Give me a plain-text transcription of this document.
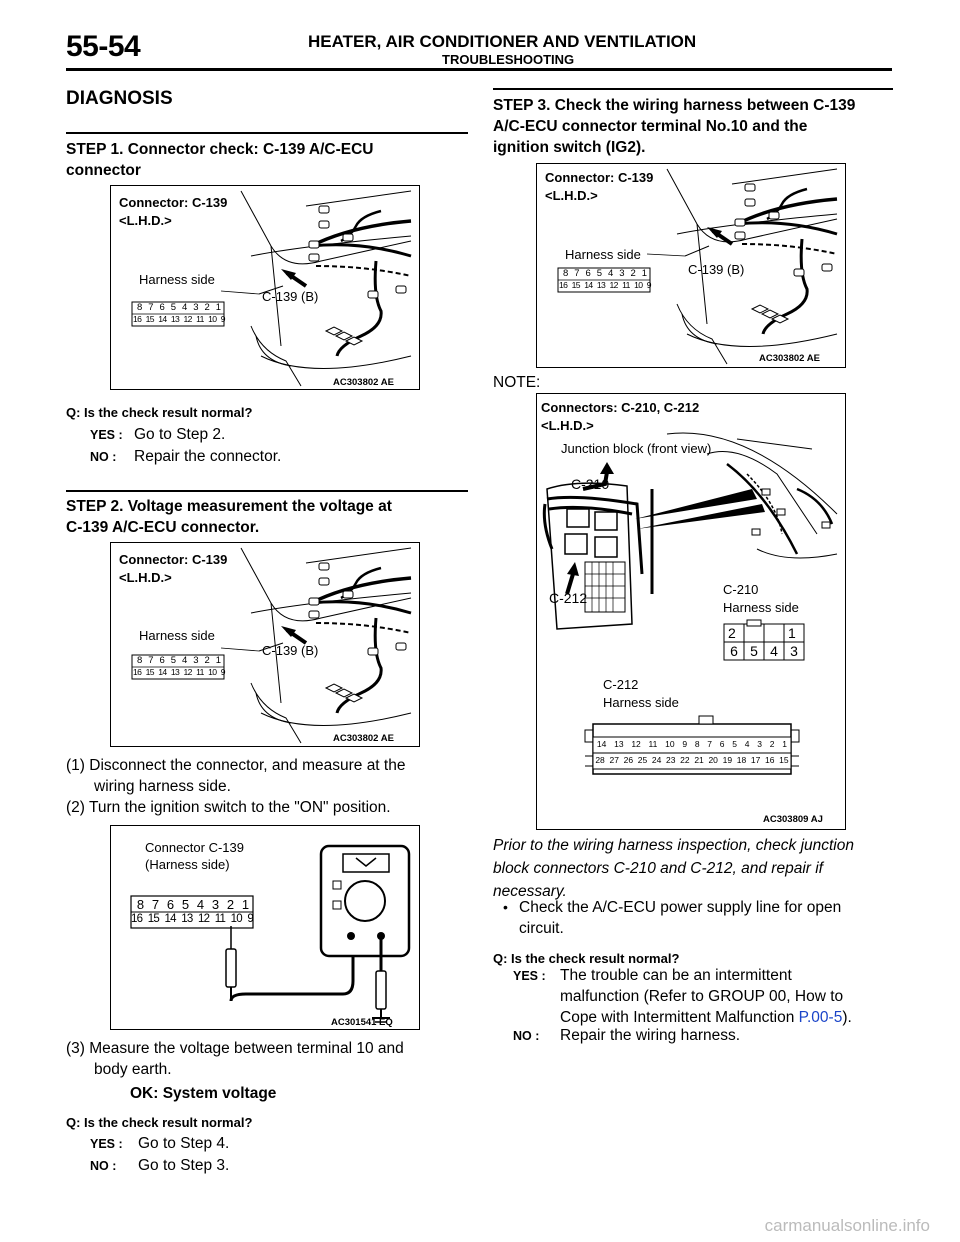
55-54	HEATER, AIR CONDITIONER AND VENTILATION
TROUBLESHOOTING
DIAGNOSIS
STEP 1. Connector check: C-139 A/C-ECU
connector
Connector: C-139
<L.H.D.>
Harness side
C-139 (B)
AC303802 AE
8 7 6 5 4 3 2 1
16 15 14 13 12 11 10 9
Q: Is the check result normal?
YES : Go to Step 2.
NO : Repair the connector.
STEP 2. Voltage measurement the voltage at
C-139 A/C-ECU connector.
Connector: C-139
<L.H.D.>
Harness side
C-139 (B)
AC303802 AE
8 7 6 5 4 3 2 1
16 15 14 13 12 11 10 9
(1) Disconnect the connector, and measure at the
wiring harness side.
(2) Turn the ignition switch to the "ON" position.
Connector C-139
(Harness side)
AC301541 EQ
8 7 6 5 4 3 2 1
16 15 14 13 12 11 10 9
(3) Measure the voltage between terminal 10 and
body earth.
OK: System voltage
Q: Is the check result normal?
YES : Go to Step 4.
NO : Go to Step 3.
STEP 3. Check the wiring harness between C-139
A/C-ECU connector terminal No.10 and the
ignition switch (IG2).
Connector: C-139
<L.H.D.>
Harness side
C-139 (B)
AC303802 AE
8 7 6 5 4 3 2 1
16 15 14 13 12 11 10 9
NOTE:
Connectors: C-210, C-212
<L.H.D.>
Junction block (front view)
C-210
C-212
C-210
Harness side
2	1
6 5 4 3
C-212
Harness side
14 13 12 11 10 9 8 7 6 5 4 3 2 1
28 27 26 25 24 23 22 21 20 19 18 17 16 15
AC303809 AJ
Prior to the wiring harness inspection, check junction
block connectors C-210 and C-212, and repair if
necessary.
• Check the A/C-ECU power supply line for open
circuit.
Q: Is the check result normal?
YES : The trouble can be an intermittent
malfunction (Refer to GROUP 00, How to
Cope with Intermittent Malfunction P.00-5).
NO : Repair the wiring harness.
carmanualsonline.info
